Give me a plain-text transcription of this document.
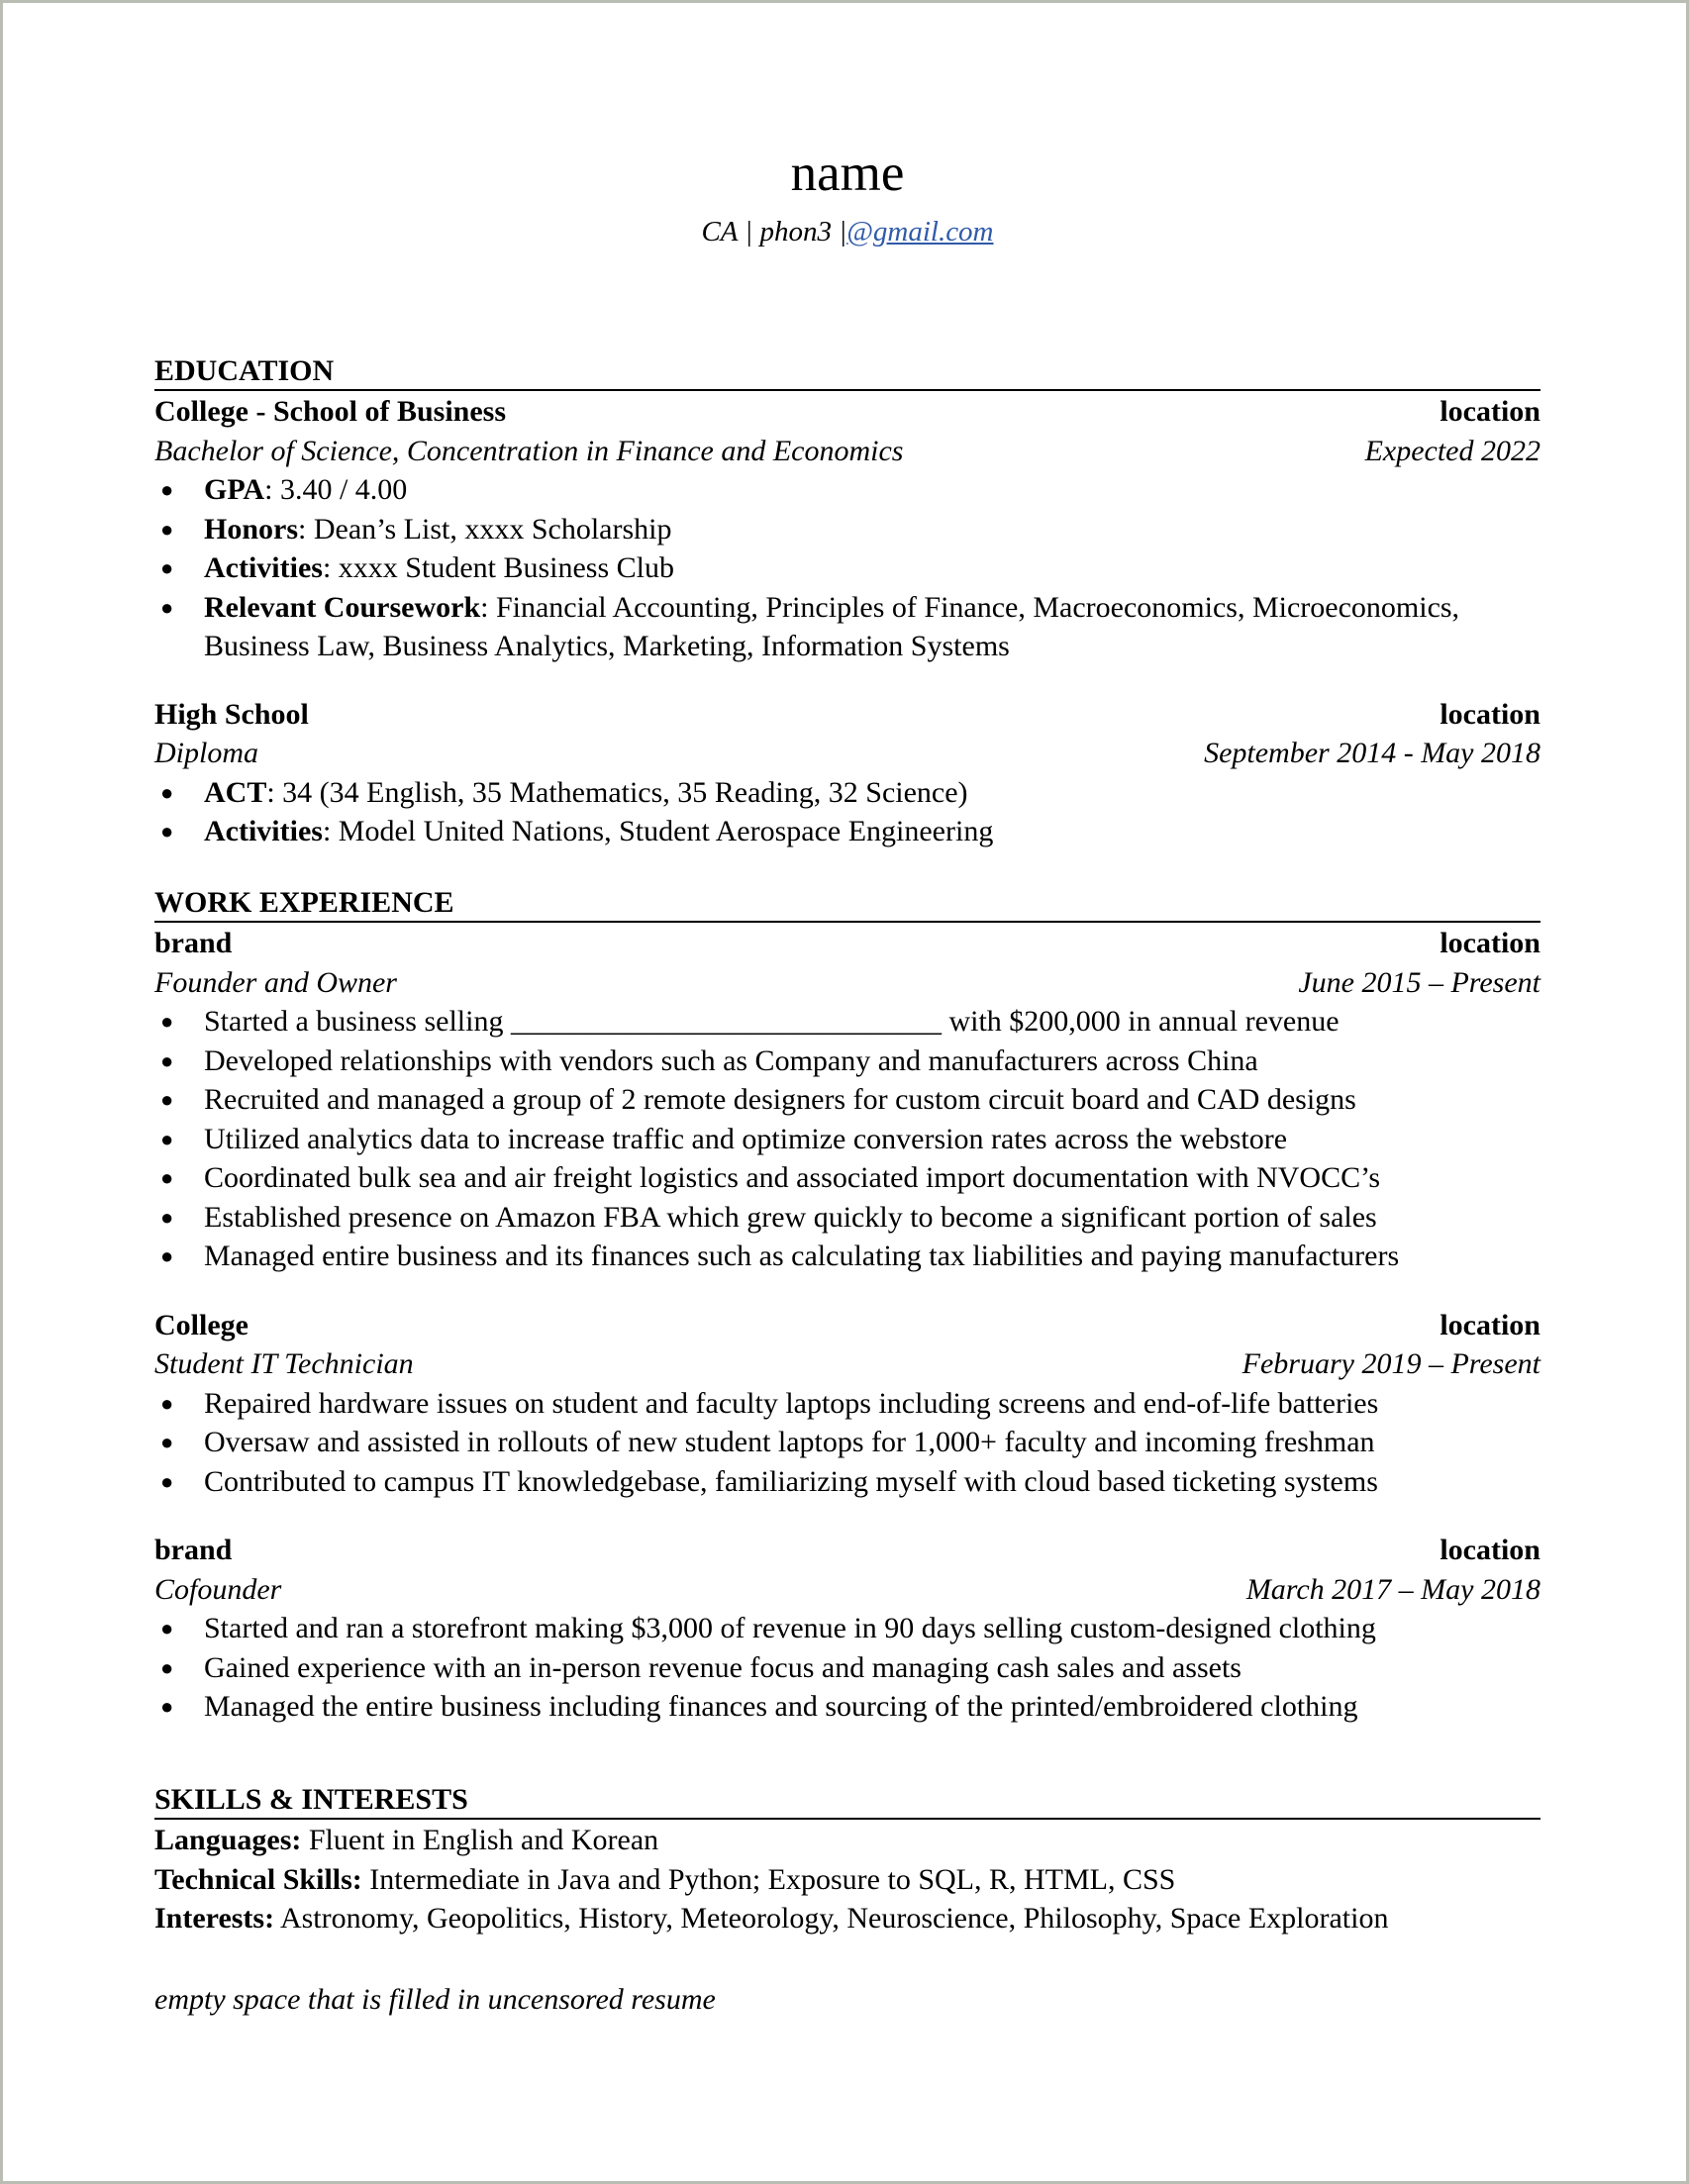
name
CA | phon3 |@gmail.com
EDUCATION
College - School of Business	location
Bachelor of Science, Concentration in Finance and Economics	Expected 2022
● GPA: 3.40 / 4.00
● Honors: Dean’s List, xxxx Scholarship
● Activities: xxxx Student Business Club
● Relevant Coursework: Financial Accounting, Principles of Finance, Macroeconomics, Microeconomics, Business Law, Business Analytics, Marketing, Information Systems
High School	location
Diploma	September 2014 - May 2018
● ACT: 34 (34 English, 35 Mathematics, 35 Reading, 32 Science)
● Activities: Model United Nations, Student Aerospace Engineering
WORK EXPERIENCE
brand	location
Founder and Owner	June 2015 – Present
● Started a business selling _____________________________ with $200,000 in annual revenue
● Developed relationships with vendors such as Company and manufacturers across China
● Recruited and managed a group of 2 remote designers for custom circuit board and CAD designs
● Utilized analytics data to increase traffic and optimize conversion rates across the webstore
● Coordinated bulk sea and air freight logistics and associated import documentation with NVOCC’s
● Established presence on Amazon FBA which grew quickly to become a significant portion of sales
● Managed entire business and its finances such as calculating tax liabilities and paying manufacturers
College	location
Student IT Technician	February 2019 – Present
● Repaired hardware issues on student and faculty laptops including screens and end-of-life batteries
● Oversaw and assisted in rollouts of new student laptops for 1,000+ faculty and incoming freshman
● Contributed to campus IT knowledgebase, familiarizing myself with cloud based ticketing systems
brand	location
Cofounder	March 2017 – May 2018
● Started and ran a storefront making $3,000 of revenue in 90 days selling custom-designed clothing
● Gained experience with an in-person revenue focus and managing cash sales and assets
● Managed the entire business including finances and sourcing of the printed/embroidered clothing
SKILLS & INTERESTS
Languages: Fluent in English and Korean
Technical Skills: Intermediate in Java and Python; Exposure to SQL, R, HTML, CSS
Interests: Astronomy, Geopolitics, History, Meteorology, Neuroscience, Philosophy, Space Exploration
empty space that is filled in uncensored resume
